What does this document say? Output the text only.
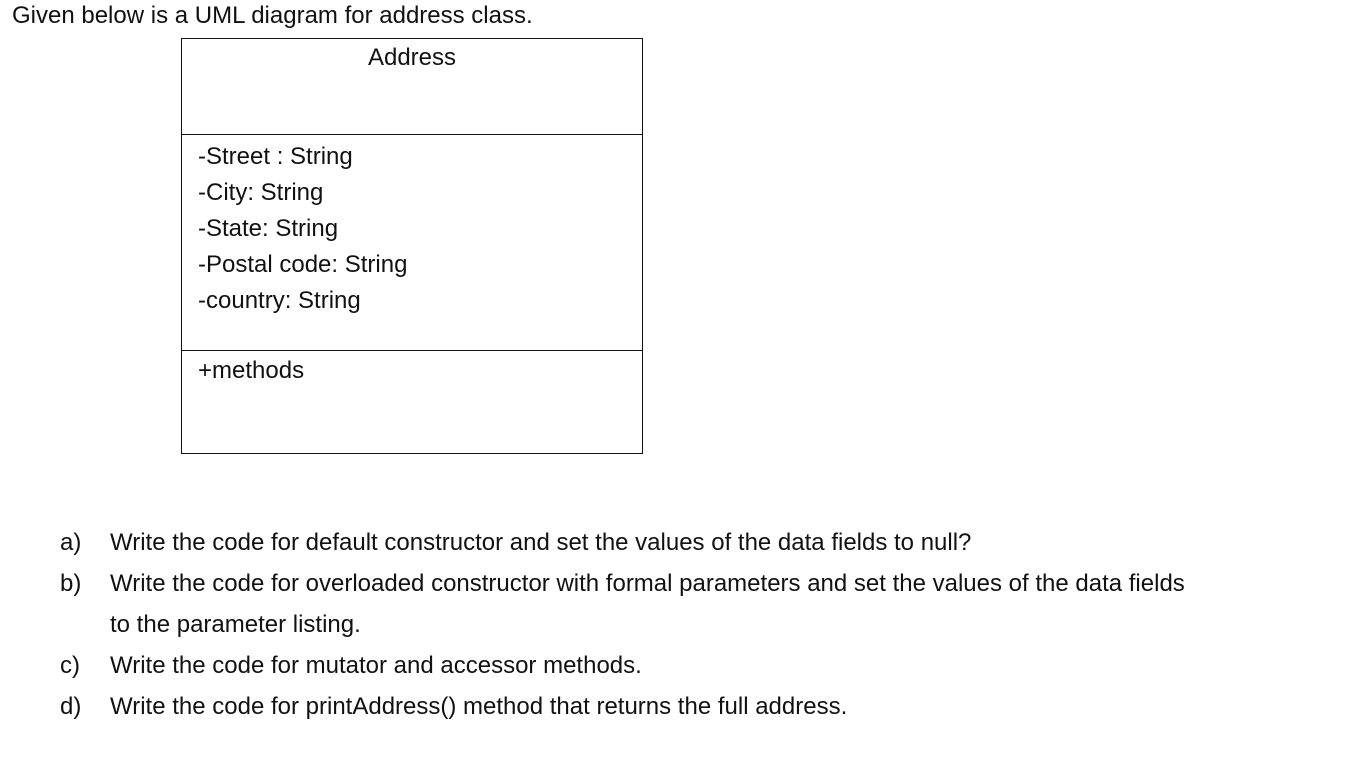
Given below is a UML diagram for address class.
Address
-Street : String
-City: String
-State: String
-Postal code: String
-country: String
+methods
a)	Write the code for default constructor and set the values of the data fields to null?
b)	Write the code for overloaded constructor with formal parameters and set the values of the data fields
to the parameter listing.
c)	Write the code for mutator and accessor methods.
d)	Write the code for printAddress() method that returns the full address.
